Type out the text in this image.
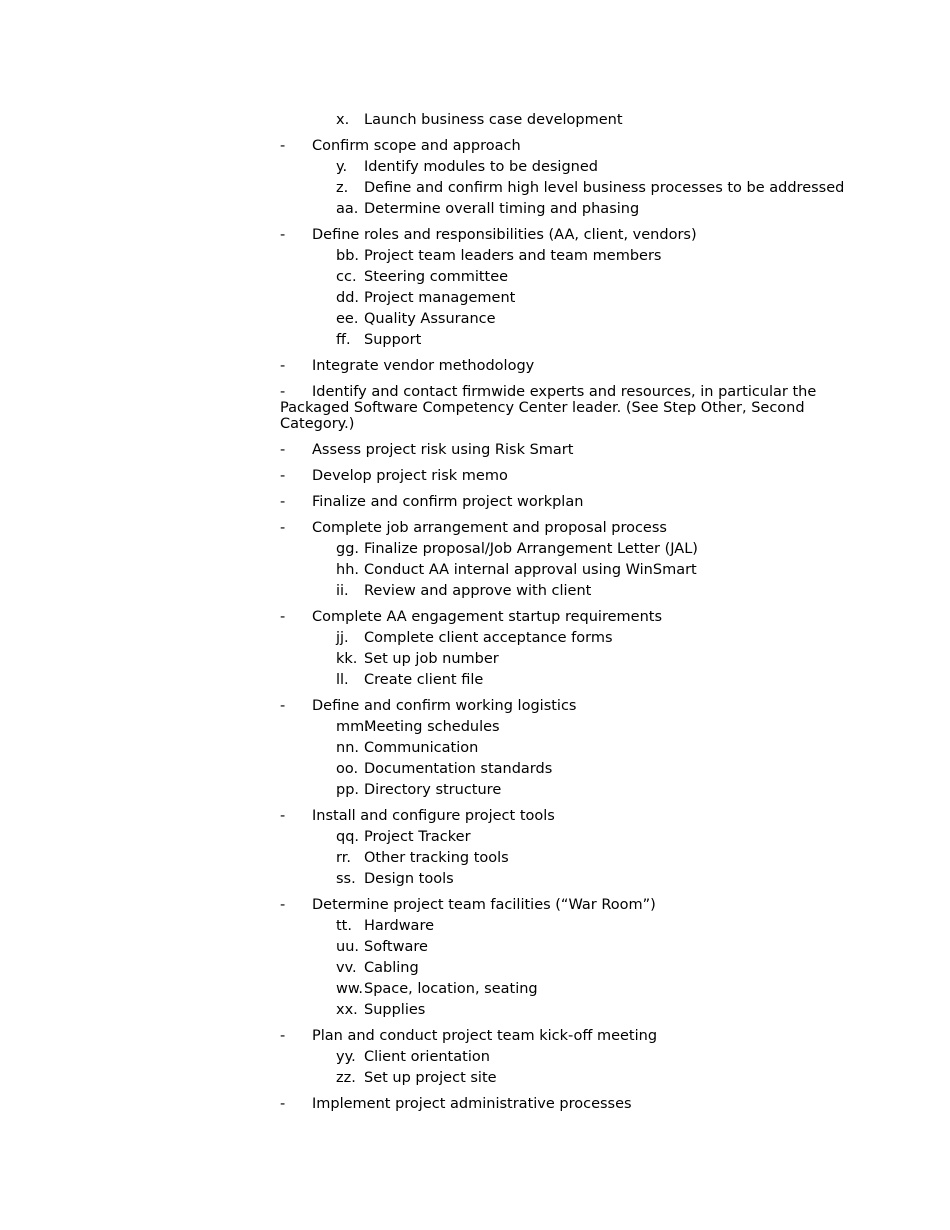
x. Launch business case development
- Confirm scope and approach
y. Identify modules to be designed
z. Define and confirm high level business processes to be addressed
aa. Determine overall timing and phasing
- Define roles and responsibilities (AA, client, vendors)
bb. Project team leaders and team members
cc. Steering committee
dd. Project management
ee. Quality Assurance
ff. Support
- Integrate vendor methodology
- Identify and contact firmwide experts and resources, in particular the Packaged Software Competency Center leader. (See Step Other, Second Category.)
- Assess project risk using Risk Smart
- Develop project risk memo
- Finalize and confirm project workplan
- Complete job arrangement and proposal process
gg. Finalize proposal/Job Arrangement Letter (JAL)
hh. Conduct AA internal approval using WinSmart
ii. Review and approve with client
- Complete AA engagement startup requirements
jj. Complete client acceptance forms
kk. Set up job number
ll. Create client file
- Define and confirm working logistics
mm.
Meeting schedules
nn. Communication
oo. Documentation standards
pp. Directory structure
- Install and configure project tools
qq. Project Tracker
rr. Other tracking tools
ss. Design tools
- Determine project team facilities (“War Room”)
tt. Hardware
uu. Software
vv. Cabling
ww. Space, location, seating
xx. Supplies
- Plan and conduct project team kick-off meeting
yy. Client orientation
zz. Set up project site
- Implement project administrative processes
